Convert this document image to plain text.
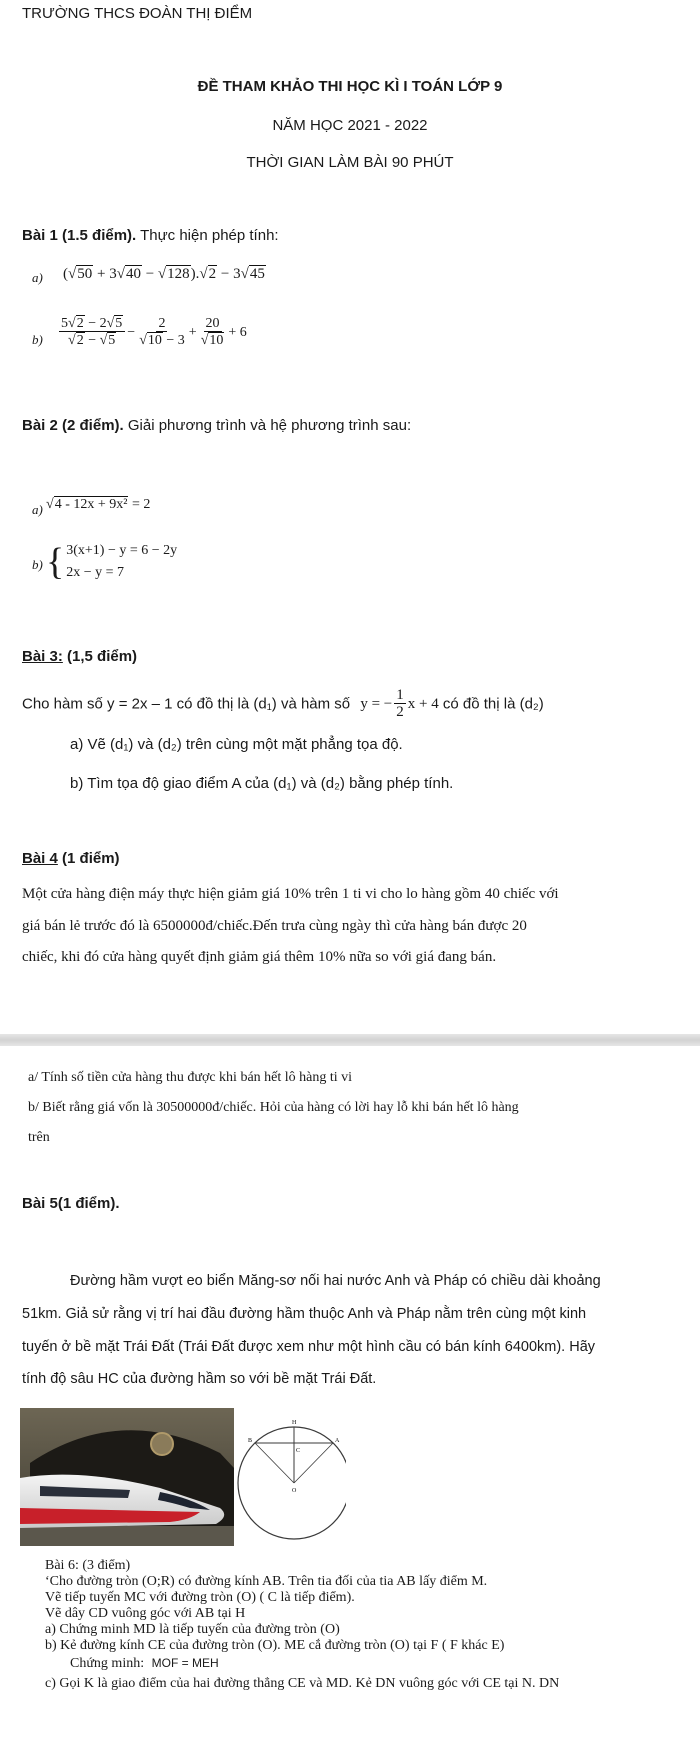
TRƯỜNG THCS ĐOÀN THỊ ĐIỂM
ĐỀ THAM KHẢO THI HỌC KÌ I TOÁN LỚP 9
NĂM HỌC 2021 - 2022
THỜI GIAN LÀM BÀI 90 PHÚT
Bài 1 (1.5 điểm). Thực hiện phép tính:
a) (√50 + 3√40 − √128).√2 − 3√45
$b) \frac{5√2 - 2√5}{√2 - √5} - \frac{2}{√10 - 3} + \frac{20}{√10} + 6$
Bài 2 (2 điểm). Giải phương trình và hệ phương trình sau:
a) √4 - 12x + 9x² = 2
b) { 3(x+1) − y = 6 − 2y
2x − y = 7
Bài 3: (1,5 điểm)
Cho hàm số y = 2x – 1 có đồ thị là (d₁) và hàm số y = − $\frac{1}{2}$ x + 4 có đồ thị là (d₂)
a) Vẽ (d₁) và (d₂) trên cùng một mặt phẳng tọa độ.
b) Tìm tọa độ giao điểm A của (d₁) và (d₂) bằng phép tính.
Bài 4 (1 điểm)
Một cửa hàng điện máy thực hiện giảm giá 10% trên 1 ti vi cho lo hàng gồm 40 chiếc với
giá bán lẻ trước đó là 6500000đ/chiếc.Đến trưa cùng ngày thì cửa hàng bán được 20
chiếc, khi đó cửa hàng quyết định giảm giá thêm 10% nữa so với giá đang bán.
a/ Tính số tiền cửa hàng thu được khi bán hết lô hàng ti vi
b/ Biết rằng giá vốn là 30500000đ/chiếc. Hỏi của hàng có lời hay lỗ khi bán hết lô hàng
trên
Bài 5(1 điểm).
Đường hầm vượt eo biển Măng-sơ nối hai nước Anh và Pháp có chiều dài khoảng
51km. Giả sử rằng vị trí hai đầu đường hầm thuộc Anh và Pháp nằm trên cùng một kinh
tuyến ở bề mặt Trái Đất (Trái Đất được xem như một hình cầu có bán kính 6400km). Hãy
tính độ sâu HC của đường hầm so với bề mặt Trái Đất.
H
B	A
C
O
Bài 6: (3 điểm)
‘Cho đường tròn (O;R) có đường kính AB. Trên tia đối của tia AB lấy điểm M.
Vẽ tiếp tuyến MC với đường tròn (O) ( C là tiếp điểm).
Vẽ dây CD vuông góc với AB tại H
a) Chứng minh MD là tiếp tuyến của đường tròn (O)
b) Kẻ đường kính CE của đường tròn (O). ME cắ đường tròn (O) tại F ( F khác E)
Chứng minh: MOF = MEH
c) Gọi K là giao điểm của hai đường thẳng CE và MD. Kẻ DN vuông góc với CE tại N. DN
